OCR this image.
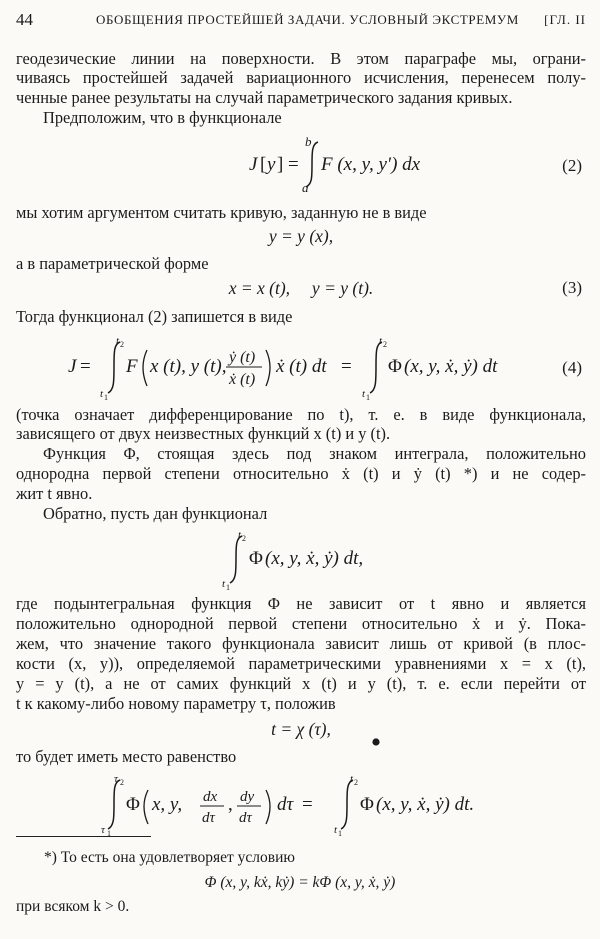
44	ОБОБЩЕНИЯ ПРОСТЕЙШЕЙ ЗАДАЧИ. УСЛОВНЫЙ ЭКСТРЕМУМ [ГЛ. II

геодезические линии на поверхности. В этом параграфе мы, ограни-

чиваясь простейшей задачей вариационного исчисления, перенесем полу-

ченные ранее результаты на случай параметрического задания кривых.

Предположим, что в функционале

J [ y ] =
b
a
F (x, y, y′) dx	(2)

мы хотим аргументом считать кривую, заданную не в виде

y = y (x),

а в параметрической форме

x = x (t),     y = y (t).	(3)

Тогда функционал (2) запишется в виде

J =
t 2
t 1
F x (t), y (t), ẏ (t)
ẋ (t)
ẋ (t) dt =
t 2
t 1
Φ (x, y, ẋ, ẏ) dt	(4)

(точка означает дифференцирование по t), т. е. в виде функционала,

зависящего от двух неизвестных функций x (t) и y (t).

Функция Φ, стоящая здесь под знаком интеграла, положительно

однородна первой степени относительно ẋ (t) и ẏ (t) *) и не содер-

жит t явно.

Обратно, пусть дан функционал

t 2
t 1
Φ (x, y, ẋ, ẏ) dt,

где подынтегральная функция Φ не зависит от t явно и является

положительно однородной первой степени относительно ẋ и ẏ. Пока-

жем, что значение такого функционала зависит лишь от кривой (в плос-

кости (x, y)), определяемой параметрическими уравнениями x = x (t),

y = y (t), а не от самих функций x (t) и y (t), т. е. если перейти от

t к какому-либо новому параметру τ, положив

t = χ (τ),

то будет иметь место равенство

τ 2
τ 1
Φ x, y, dx
dτ
, dy
dτ
dτ =
t 2
t 1
Φ (x, y, ẋ, ẏ) dt.
*) То есть она удовлетворяет условию
Φ (x, y, kẋ, kẏ) = kΦ (x, y, ẋ, ẏ)
при всяком k > 0.
